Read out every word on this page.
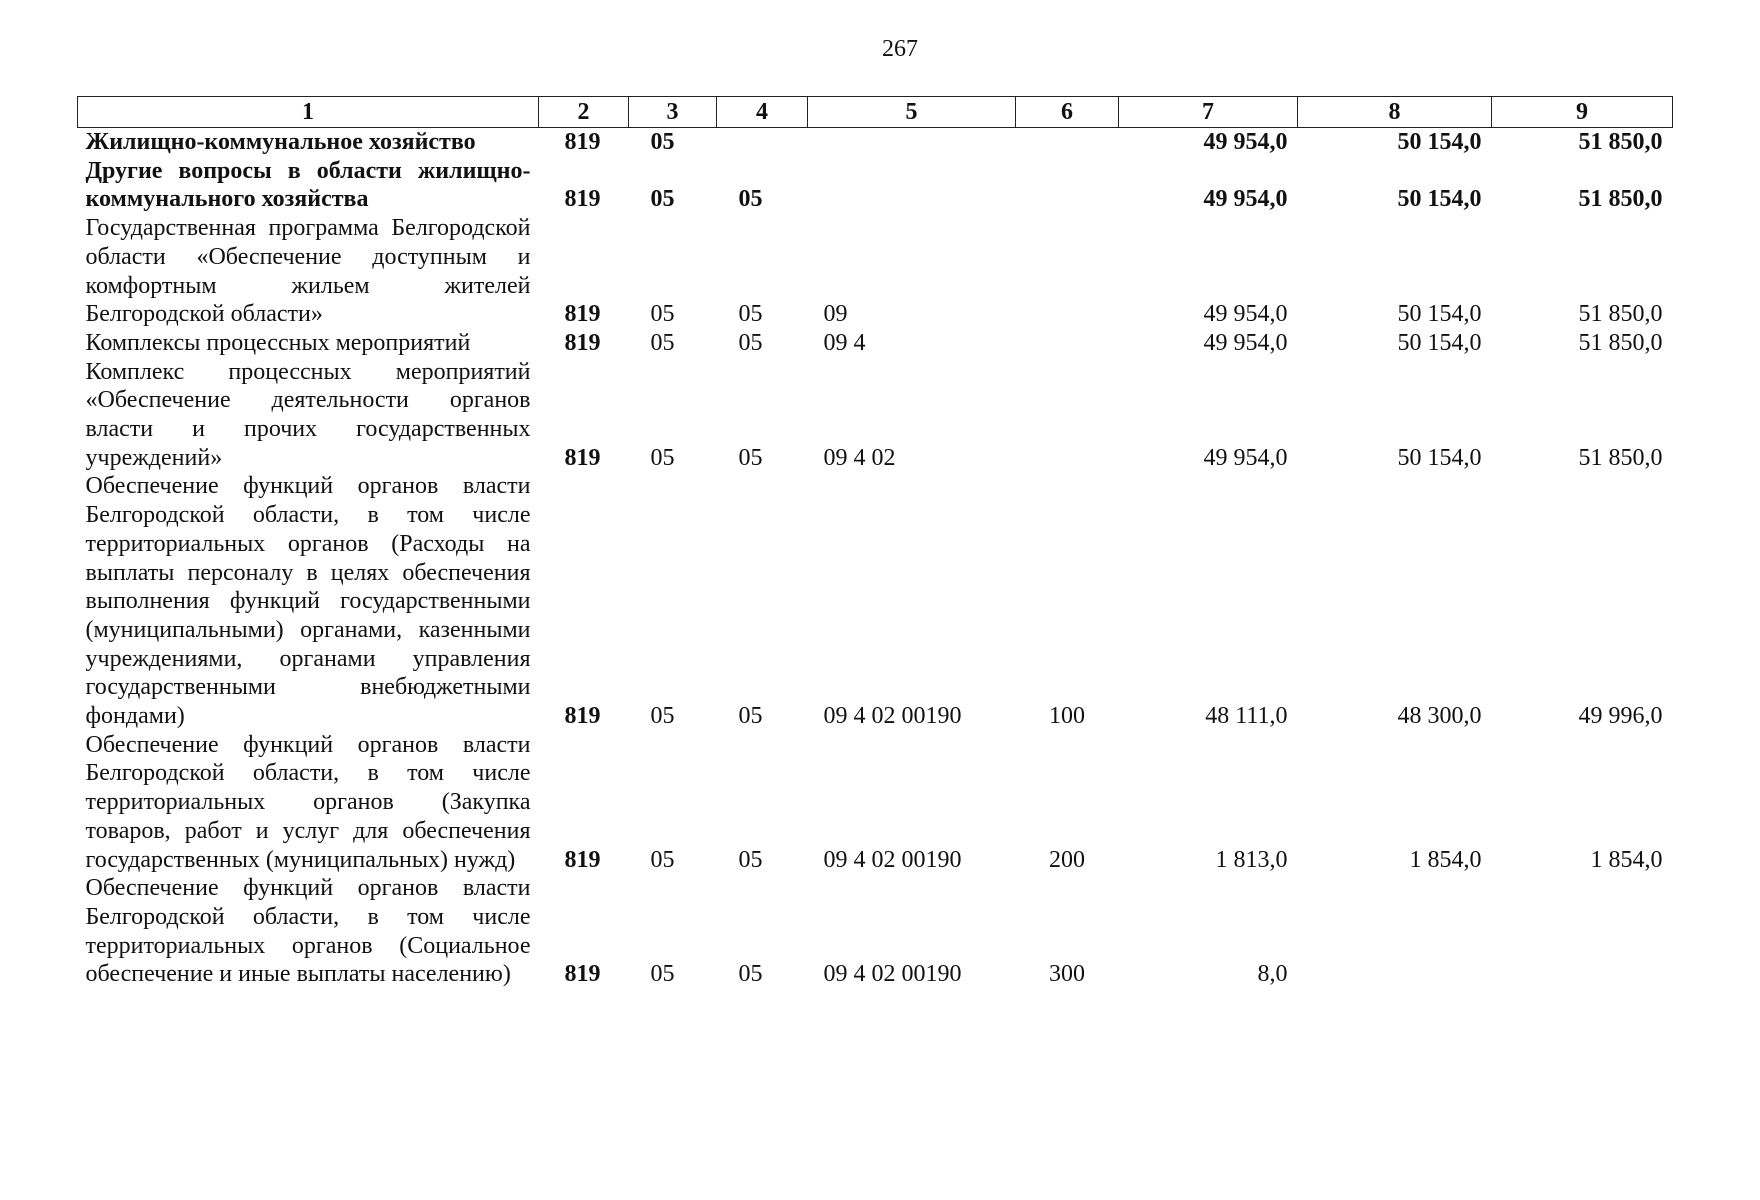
267
1	2	3	4	5	6	7	8	9
Жилищно-коммунальное хозяйство	819	05				49 954,0	50 154,0	51 850,0
Другие вопросы в области жилищно-коммунального хозяйства	819	05	05			49 954,0	50 154,0	51 850,0
Государственная программа Белгородской области «Обеспечение доступным и комфортным жильем жителей Белгородской области»	819	05	05	09		49 954,0	50 154,0	51 850,0
Комплексы процессных мероприятий	819	05	05	09 4		49 954,0	50 154,0	51 850,0
Комплекс процессных мероприятий «Обеспечение деятельности органов власти и прочих государственных учреждений»	819	05	05	09 4 02		49 954,0	50 154,0	51 850,0
Обеспечение функций органов власти Белгородской области, в том числе территориальных органов (Расходы на выплаты персоналу в целях обеспечения выполнения функций государственными (муниципальными) органами, казенными учреждениями, органами управления государственными внебюджетными фондами)	819	05	05	09 4 02 00190	100	48 111,0	48 300,0	49 996,0
Обеспечение функций органов власти Белгородской области, в том числе территориальных органов (Закупка товаров, работ и услуг для обеспечения государственных (муниципальных) нужд)	819	05	05	09 4 02 00190	200	1 813,0	1 854,0	1 854,0
Обеспечение функций органов власти Белгородской области, в том числе территориальных органов (Социальное обеспечение и иные выплаты населению)	819	05	05	09 4 02 00190	300	8,0		
